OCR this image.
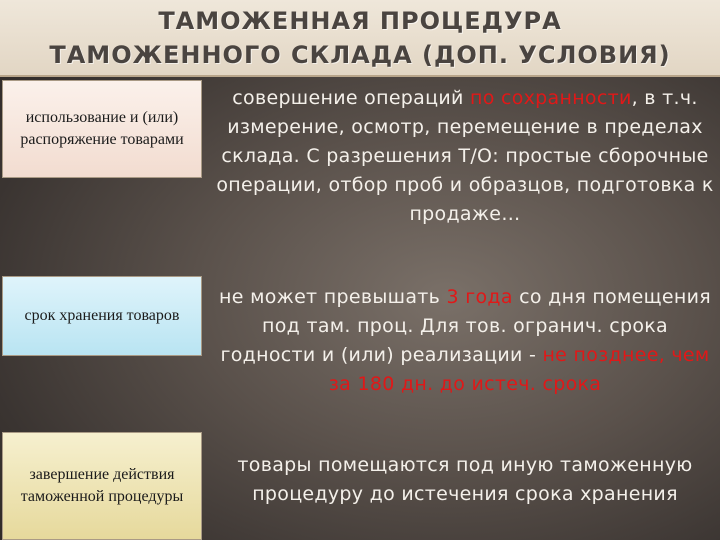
ТАМОЖЕННАЯ ПРОЦЕДУРА
ТАМОЖЕННОГО СКЛАДА (ДОП. УСЛОВИЯ)
использование и (или) распоряжение товарами
совершение операций по сохранности, в т.ч. измерение, осмотр, перемещение в пределах склада. С разрешения Т/О: простые сборочные операции, отбор проб и образцов, подготовка к продаже…
срок хранения товаров
не может превышать 3 года со дня помещения под там. проц. Для тов. огранич. срока годности и (или) реализации - не позднее, чем за 180 дн. до истеч. срока
завершение действия таможенной процедуры
товары помещаются под иную таможенную процедуру до истечения срока хранения
